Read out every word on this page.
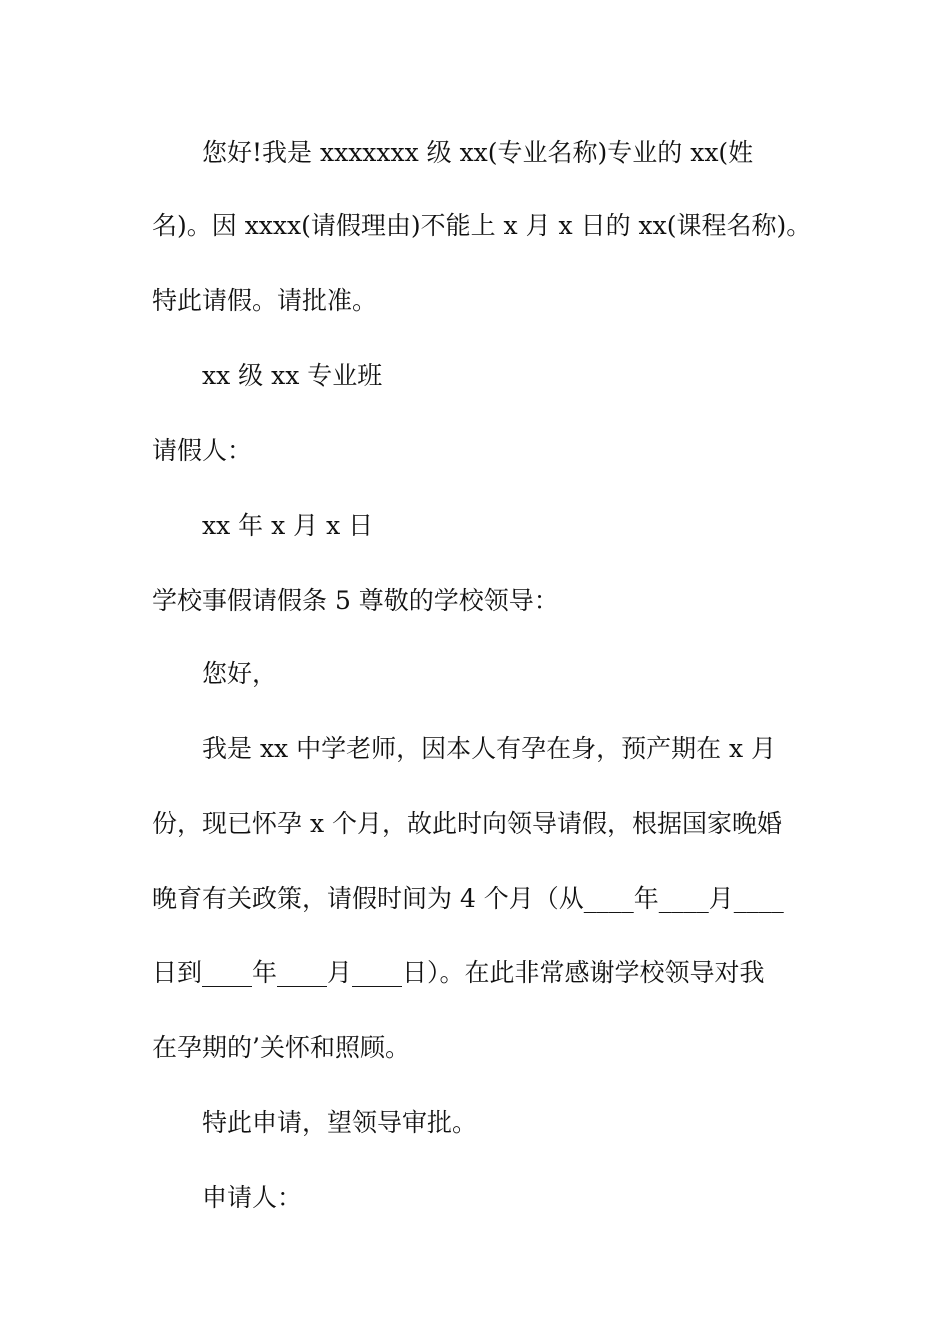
您好!我是 xxxxxxx 级 xx(专业名称)专业的 xx(姓
名)。因 xxxx(请假理由)不能上 x 月 x 日的 xx(课程名称)。
特此请假。请批准。
xx 级 xx 专业班
请假人：
xx 年 x 月 x 日
学校事假请假条 5 尊敬的学校领导：
您好，
我是 xx 中学老师，因本人有孕在身，预产期在 x 月
份，现已怀孕 x 个月，故此时向领导请假，根据国家晚婚
晚育有关政策，请假时间为 4 个月（从____年____月____
日到____年____月____日）。在此非常感谢学校领导对我
在孕期的’关怀和照顾。
特此申请，望领导审批。
申请人：
